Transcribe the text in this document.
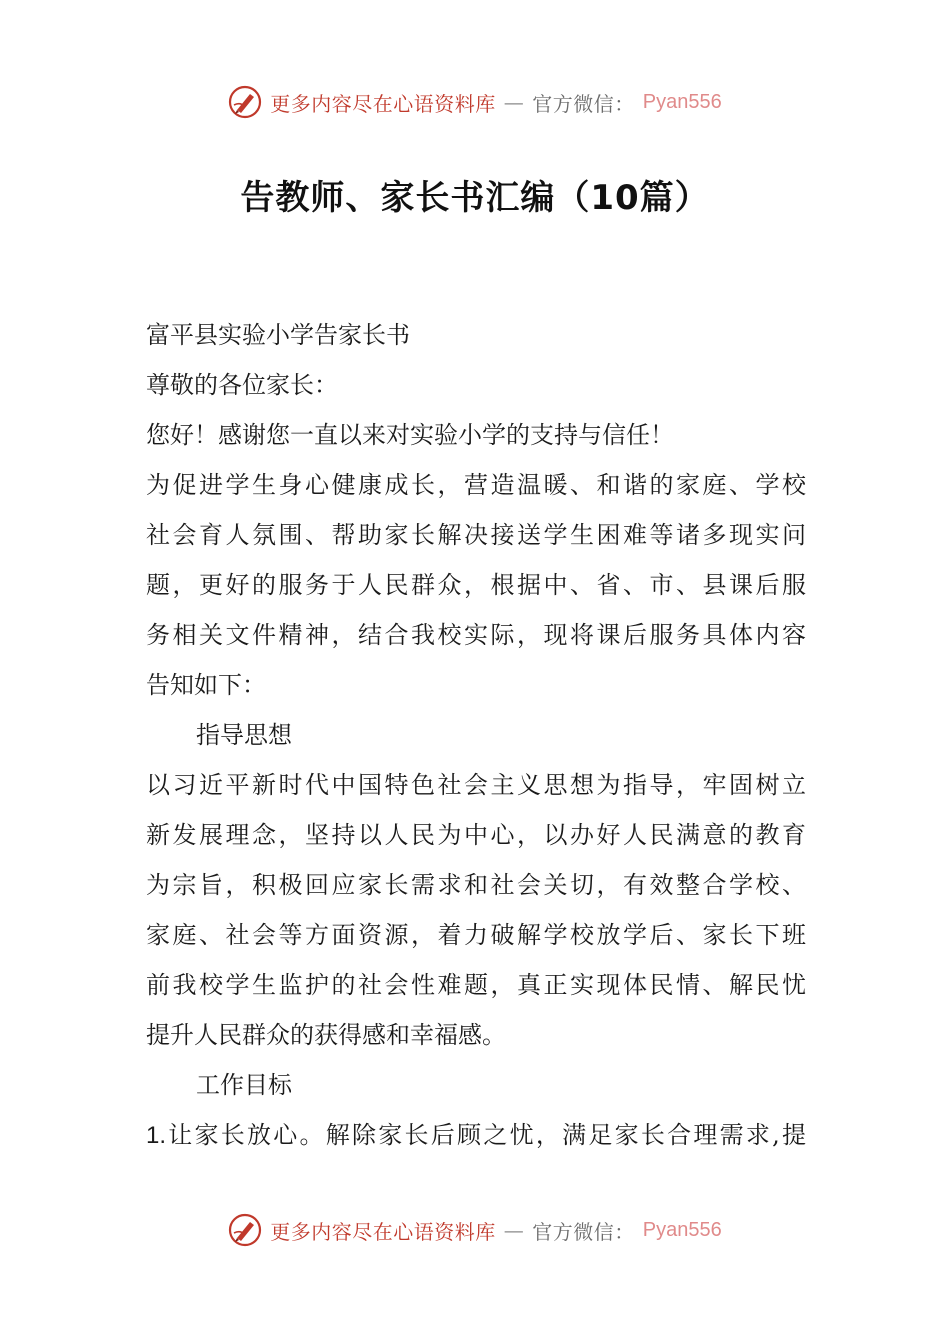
更多内容尽在心语资料库 — 官方微信： Pyan556
告教师、家长书汇编（10篇）
富平县实验小学告家长书
尊敬的各位家长：
您好！感谢您一直以来对实验小学的支持与信任！
为促进学生身心健康成长，营造温暖、和谐的家庭、学校
社会育人氛围、帮助家长解决接送学生困难等诸多现实问
题，更好的服务于人民群众，根据中、省、市、县课后服
务相关文件精神，结合我校实际，现将课后服务具体内容
告知如下：
指导思想
以习近平新时代中国特色社会主义思想为指导，牢固树立
新发展理念，坚持以人民为中心，以办好人民满意的教育
为宗旨，积极回应家长需求和社会关切，有效整合学校、
家庭、社会等方面资源，着力破解学校放学后、家长下班
前我校学生监护的社会性难题，真正实现体民情、解民忧
提升人民群众的获得感和幸福感。
工作目标
1.让家长放心。解除家长后顾之忧，满足家长合理需求,提
更多内容尽在心语资料库 — 官方微信： Pyan556
